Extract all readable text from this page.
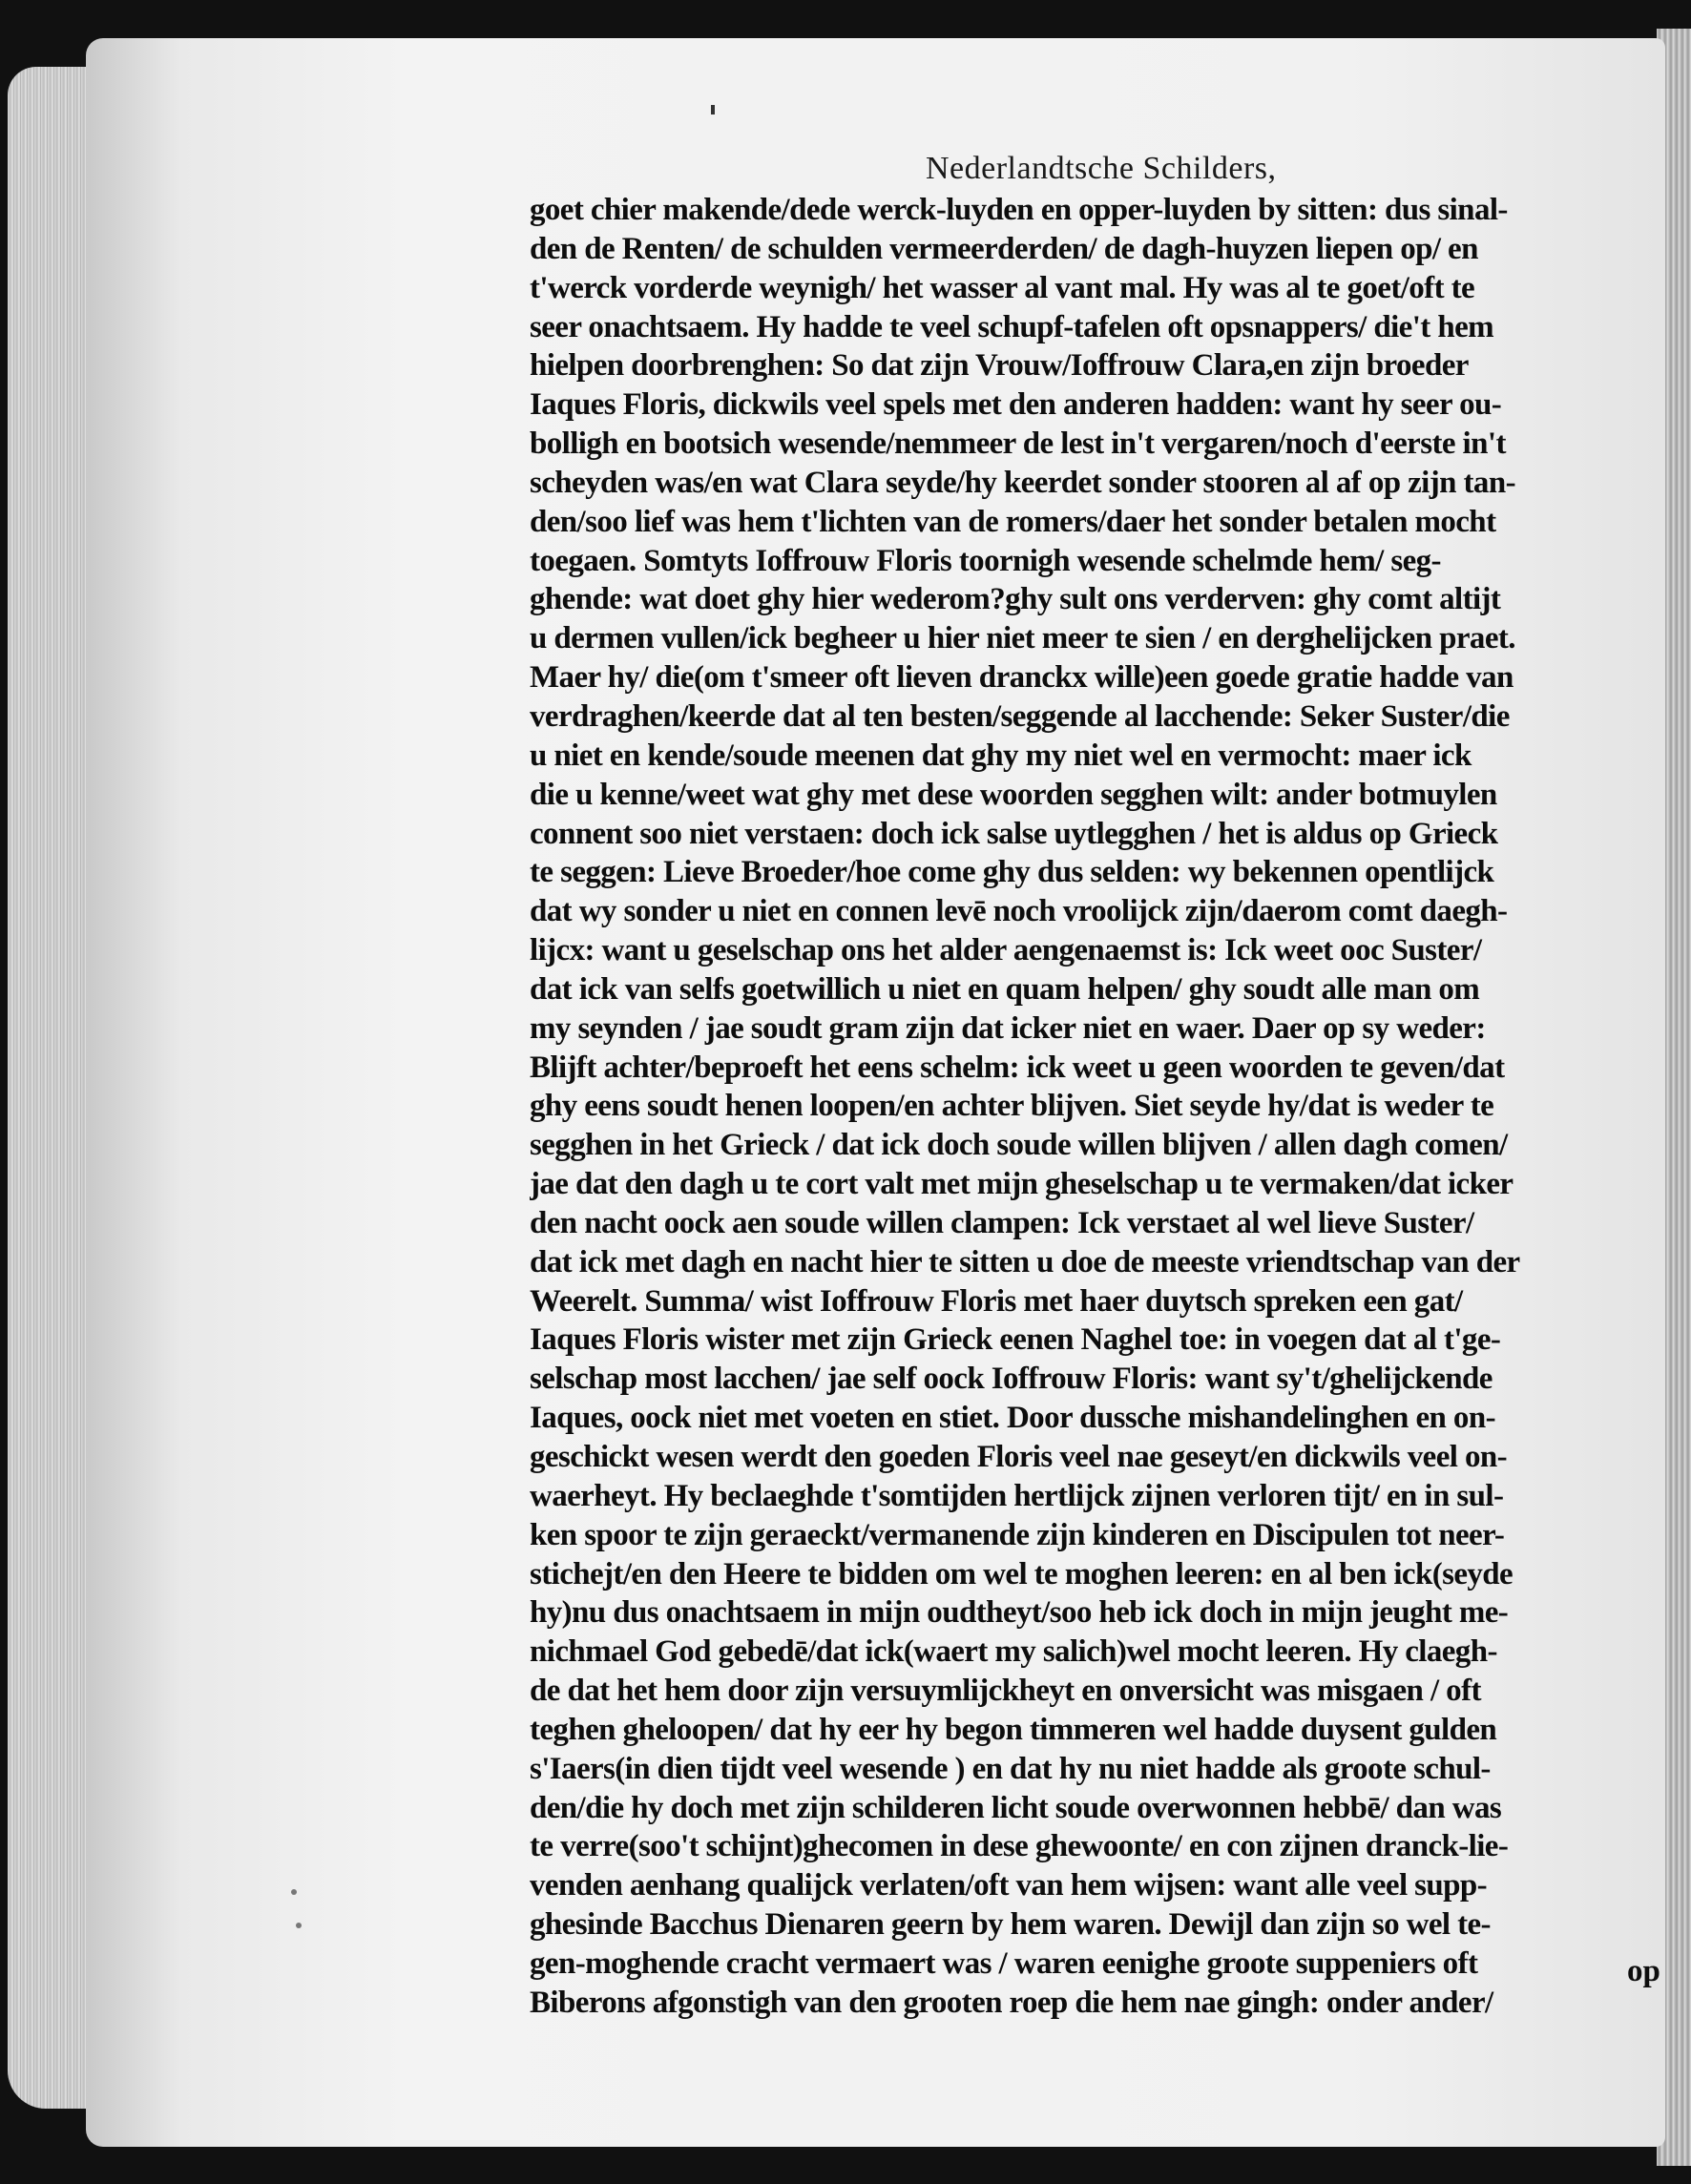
Nederlandtsche Schilders,
goet chier makende/dede werck-luyden en opper-luyden by sitten: dus sinal-
den de Renten/ de schulden vermeerderden/ de dagh-huyzen liepen op/ en
t'werck vorderde weynigh/ het wasser al vant mal. Hy was al te goet/oft te
seer onachtsaem. Hy hadde te veel schupf-tafelen oft opsnappers/ die't hem
hielpen doorbrenghen: So dat zijn Vrouw/Ioffrouw Clara,en zijn broeder
Iaques Floris, dickwils veel spels met den anderen hadden: want hy seer ou-
bolligh en bootsich wesende/nemmeer de lest in't vergaren/noch d'eerste in't
scheyden was/en wat Clara seyde/hy keerdet sonder stooren al af op zijn tan-
den/soo lief was hem t'lichten van de romers/daer het sonder betalen mocht
toegaen. Somtyts Ioffrouw Floris toornigh wesende schelmde hem/ seg-
ghende: wat doet ghy hier wederom?ghy sult ons verderven: ghy comt altijt
u dermen vullen/ick begheer u hier niet meer te sien / en dergheliјcken praet.
Maer hy/ die(om t'smeer oft lieven dranckx wille)een goede gratie hadde van
verdraghen/keerde dat al ten besten/seggende al lacchende: Seker Suster/die
u niet en kende/soude meenen dat ghy my niet wel en vermocht: maer ick
die u kenne/weet wat ghy met dese woorden segghen wilt: ander botmuylen
connent soo niet verstaen: doch ick salse uytlegghen / het is aldus op Grieck
te seggen: Lieve Broeder/hoe come ghy dus selden: wy bekennen opentlijck
dat wy sonder u niet en connen levē noch vroolijck zijn/daerom comt daegh-
lijcx: want u geselschap ons het alder aengenaemst is: Ick weet ooc Suster/
dat ick van selfs goetwillich u niet en quam helpen/ ghy soudt alle man om
my seynden / jae soudt gram zijn dat icker niet en waer. Daer op sy weder:
Blijft achter/beproeft het eens schelm: ick weet u geen woorden te geven/dat
ghy eens soudt henen loopen/en achter blijven. Siet seyde hy/dat is weder te
segghen in het Grieck / dat ick doch soude willen blijven / allen dagh comen/
jae dat den dagh u te cort valt met mijn gheselschap u te vermaken/dat icker
den nacht oock aen soude willen clampen: Ick verstaet al wel lieve Suster/
dat ick met dagh en nacht hier te sitten u doe de meeste vriendtschap van der
Weerelt. Summa/ wist Ioffrouw Floris met haer duytsch spreken een gat/
Iaques Floris wister met zijn Grieck eenen Naghel toe: in voegen dat al t'ge-
selschap most lacchen/ jae self oock Ioffrouw Floris: want sy't/ghelijckende
Iaques, oock niet met voeten en stiet. Door dussche mishandelinghen en on-
geschickt wesen werdt den goeden Floris veel nae geseyt/en dickwils veel on-
waerheyt. Hy beclaeghde t'somtijden hertlijck zijnen verloren tijt/ en in sul-
ken spoor te zijn geraeckt/vermanende zijn kinderen en Discipulen tot neer-
stichejt/en den Heere te bidden om wel te moghen leeren: en al ben ick(seyde
hy)nu dus onachtsaem in mijn oudtheyt/soo heb ick doch in mijn jeught me-
nichmael God gebedē/dat ick(waert my salich)wel mocht leeren. Hy claegh-
de dat het hem door zijn versuymlijckheyt en onversicht was misgaen / oft
teghen gheloopen/ dat hy eer hy begon timmeren wel hadde duysent gulden
s'Iaers(in dien tijdt veel wesende ) en dat hy nu niet hadde als groote schul-
den/die hy doch met zijn schilderen licht soude overwonnen hebbē/ dan was
te verre(soo't schijnt)ghecomen in dese ghewoonte/ en con zijnen dranck-lie-
venden aenhang qualijck verlaten/oft van hem wijsen: want alle veel supp-
ghesinde Bacchus Dienaren geern by hem waren. Dewijl dan zijn so wel te-
gen-moghende cracht vermaert was / waren eenighe groote suppeniers oft
Biberons afgonstigh van den grooten roep die hem nae gingh: onder ander/
op
